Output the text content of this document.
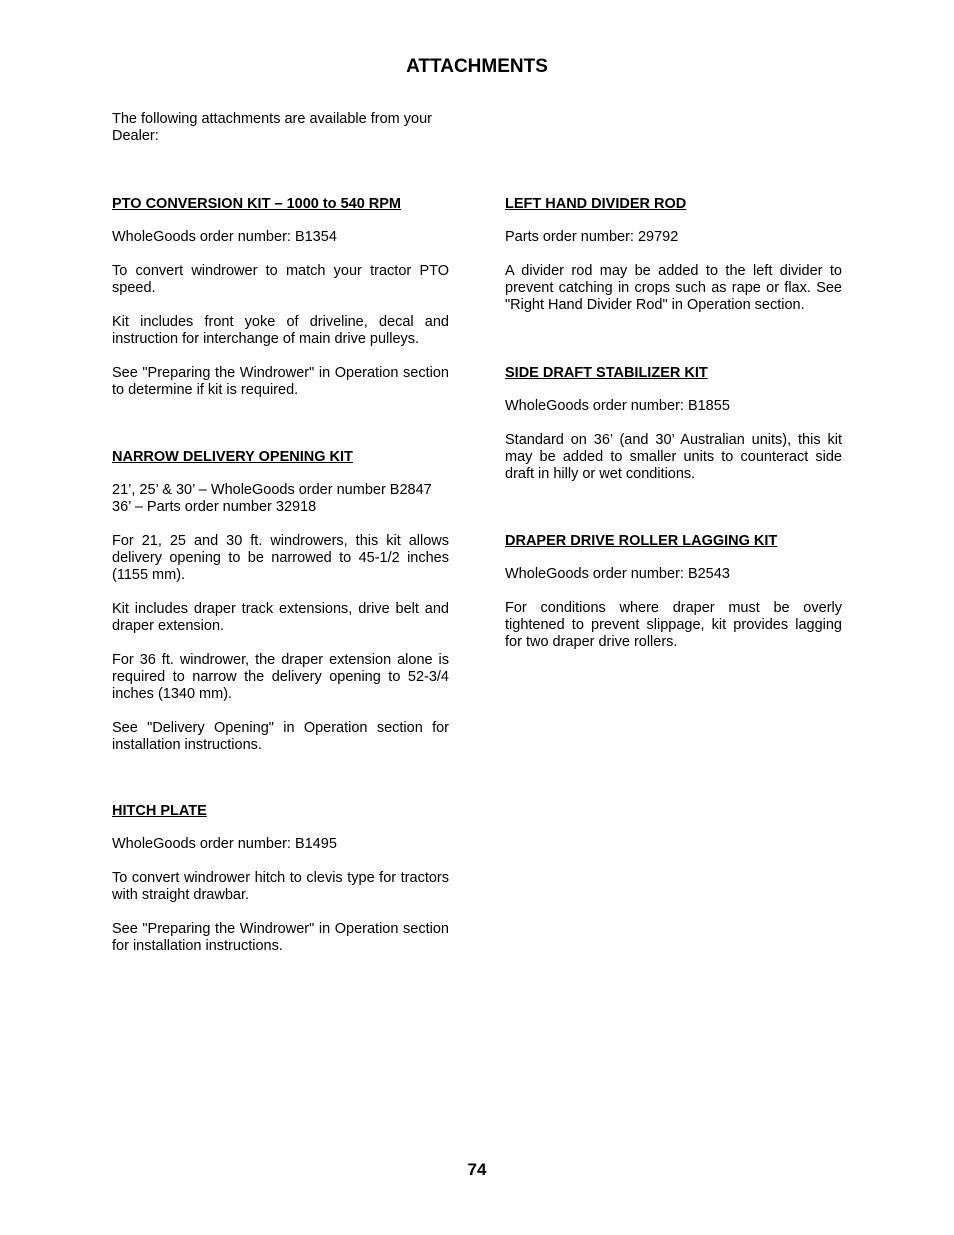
ATTACHMENTS

The following attachments are available from your Dealer:

PTO CONVERSION KIT – 1000 to 540 RPM

WholeGoods order number: B1354

To convert windrower to match your tractor PTO speed.

Kit includes front yoke of driveline, decal and instruction for interchange of main drive pulleys.

See "Preparing the Windrower" in Operation section to determine if kit is required.

NARROW DELIVERY OPENING KIT

21’, 25’ & 30’ – WholeGoods order number B2847
36’ – Parts order number 32918

For 21, 25 and 30 ft. windrowers, this kit allows delivery opening to be narrowed to 45-1/2 inches (1155 mm).

Kit includes draper track extensions, drive belt and draper extension.

For 36 ft. windrower, the draper extension alone is required to narrow the delivery opening to 52-3/4 inches (1340 mm).

See "Delivery Opening" in Operation section for installation instructions.

HITCH PLATE

WholeGoods order number: B1495

To convert windrower hitch to clevis type for tractors with straight drawbar.

See "Preparing the Windrower" in Operation section for installation instructions.

LEFT HAND DIVIDER ROD

Parts order number: 29792

A divider rod may be added to the left divider to prevent catching in crops such as rape or flax. See "Right Hand Divider Rod" in Operation section.

SIDE DRAFT STABILIZER KIT

WholeGoods order number: B1855

Standard on 36’ (and 30’ Australian units), this kit may be added to smaller units to counteract side draft in hilly or wet conditions.

DRAPER DRIVE ROLLER LAGGING KIT

WholeGoods order number: B2543

For conditions where draper must be overly tightened to prevent slippage, kit provides lagging for two draper drive rollers.

74
